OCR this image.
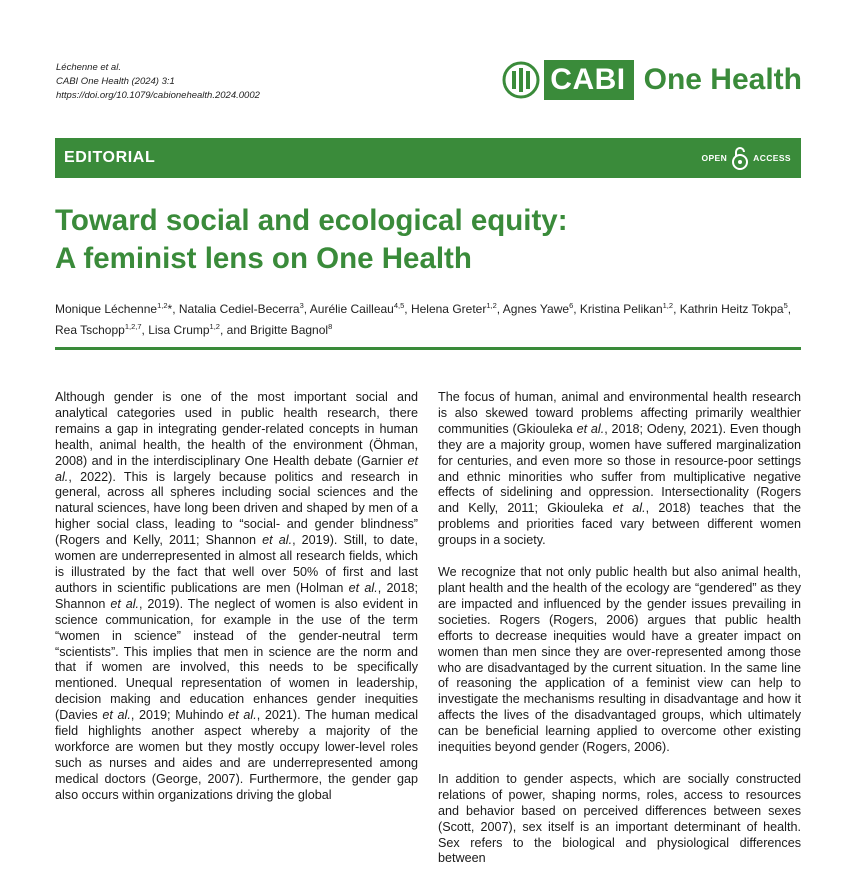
Léchenne et al.
CABI One Health (2024) 3:1
https://doi.org/10.1079/cabionehealth.2024.0002	CABI One Health
EDITORIAL	OPEN	ACCESS
Toward social and ecological equity:
A feminist lens on One Health
Monique Léchenne$^{1,2}$*, Natalia Cediel-Becerra$^3$, Aurélie Cailleau$^{4,5}$, Helena Greter$^{1,2}$, Agnes Yawe$^6$, Kristina Pelikan$^{1,2}$, Kathrin Heitz Tokpa$^5$, Rea Tschopp$^{1,2,7}$, Lisa Crump$^{1,2}$, and Brigitte Bagnol$^8$

Although gender is one of the most important social and analytical categories used in public health research, there remains a gap in integrating gender-related concepts in human health, animal health, the health of the environment (Öhman, 2008) and in the interdisciplinary One Health debate (Garnier et al., 2022). This is largely because politics and research in general, across all spheres including social sciences and the natural sciences, have long been driven and shaped by men of a higher social class, leading to “social- and gender blindness” (Rogers and Kelly, 2011; Shannon et al., 2019). Still, to date, women are underrepresented in almost all research fields, which is illustrated by the fact that well over 50% of first and last authors in scientific publications are men (Holman et al., 2018; Shannon et al., 2019). The neglect of women is also evident in science communication, for example in the use of the term “women in science” instead of the gender-neutral term “scientists”. This implies that men in science are the norm and that if women are involved, this needs to be specifically mentioned. Unequal representation of women in leadership, decision making and education enhances gender inequities (Davies et al., 2019; Muhindo et al., 2021). The human medical field highlights another aspect whereby a majority of the workforce are women but they mostly occupy lower-level roles such as nurses and aides and are underrepresented among medical doctors (George, 2007). Furthermore, the gender gap also occurs within organizations driving the global

The focus of human, animal and environmental health research is also skewed toward problems affecting primarily wealthier communities (Gkiouleka et al., 2018; Odeny, 2021). Even though they are a majority group, women have suffered marginalization for centuries, and even more so those in resource-poor settings and ethnic minorities who suffer from multiplicative negative effects of sidelining and oppression. Intersectionality (Rogers and Kelly, 2011; Gkiouleka et al., 2018) teaches that the problems and priorities faced vary between different women groups in a society.

We recognize that not only public health but also animal health, plant health and the health of the ecology are “gendered” as they are impacted and influenced by the gender issues prevailing in societies. Rogers (Rogers, 2006) argues that public health efforts to decrease inequities would have a greater impact on women than men since they are over-represented among those who are disadvantaged by the current situation. In the same line of reasoning the application of a feminist view can help to investigate the mechanisms resulting in disadvantage and how it affects the lives of the disadvantaged groups, which ultimately can be beneficial learning applied to overcome other existing inequities beyond gender (Rogers, 2006).

In addition to gender aspects, which are socially constructed relations of power, shaping norms, roles, access to resources and behavior based on perceived differences between sexes (Scott, 2007), sex itself is an important determinant of health. Sex refers to the biological and physiological differences between
